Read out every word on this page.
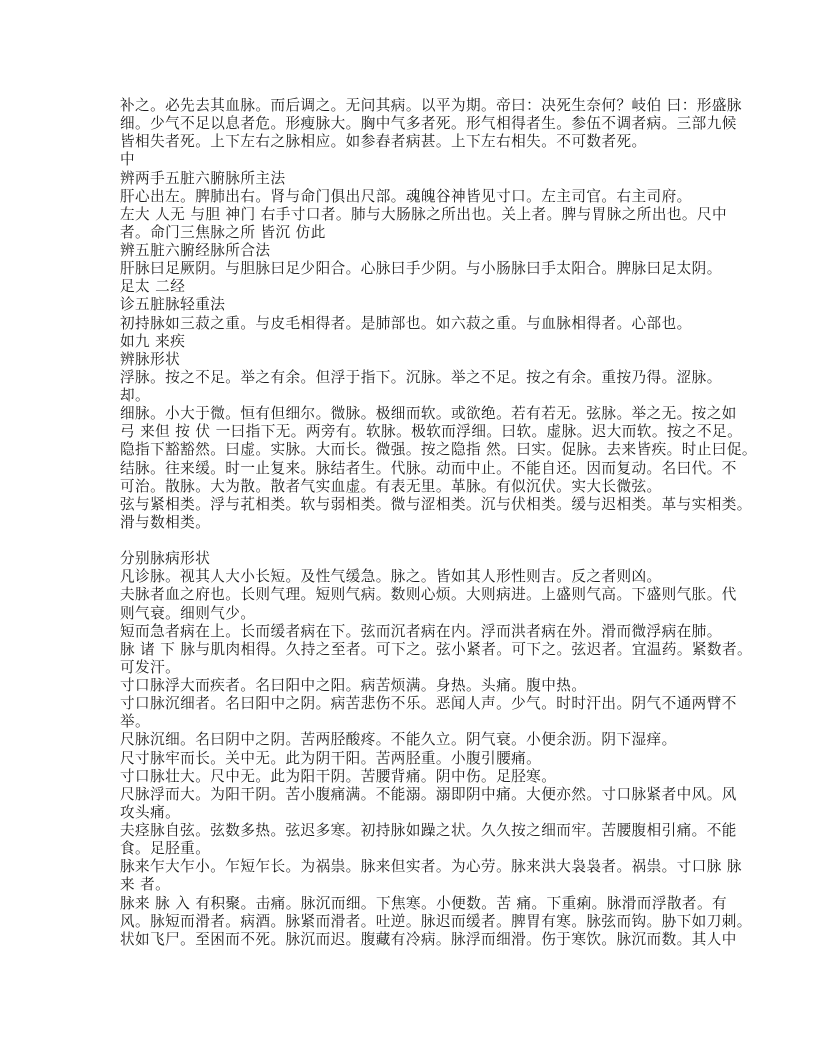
补之。必先去其血脉。而后调之。无问其病。以平为期。帝曰：决死生奈何？岐伯 曰：形盛脉
细。少气不足以息者危。形瘦脉大。胸中气多者死。形气相得者生。参伍不调者病。三部九候
皆相失者死。上下左右之脉相应。如参舂者病甚。上下左右相失。不可数者死。
中
辨两手五脏六腑脉所主法
肝心出左。脾肺出右。肾与命门俱出尺部。魂魄谷神皆见寸口。左主司官。右主司府。
左大 人无 与胆 神门 右手寸口者。肺与大肠脉之所出也。关上者。脾与胃脉之所出也。尺中
者。命门三焦脉之所 皆沉 仿此
辨五脏六腑经脉所合法
肝脉曰足厥阴。与胆脉曰足少阳合。心脉曰手少阴。与小肠脉曰手太阳合。脾脉曰足太阴。
足太 二经
诊五脏脉轻重法
初持脉如三菽之重。与皮毛相得者。是肺部也。如六菽之重。与血脉相得者。心部也。
如九 来疾
辨脉形状
浮脉。按之不足。举之有余。但浮于指下。沉脉。举之不足。按之有余。重按乃得。涩脉。
却。
细脉。小大于微。恒有但细尔。微脉。极细而软。或欲绝。若有若无。弦脉。举之无。按之如
弓 来但 按 伏 一曰指下无。两旁有。软脉。极软而浮细。曰软。虚脉。迟大而软。按之不足。
隐指下豁豁然。曰虚。实脉。大而长。微强。按之隐指 然。曰实。促脉。去来皆疾。时止曰促。
结脉。往来缓。时一止复来。脉结者生。代脉。动而中止。不能自还。因而复动。名曰代。不
可治。散脉。大为散。散者气实血虚。有表无里。革脉。有似沉伏。实大长微弦。
弦与紧相类。浮与芤相类。软与弱相类。微与涩相类。沉与伏相类。缓与迟相类。革与实相类。
滑与数相类。
分别脉病形状
凡诊脉。视其人大小长短。及性气缓急。脉之。皆如其人形性则吉。反之者则凶。
夫脉者血之府也。长则气理。短则气病。数则心烦。大则病进。上盛则气高。下盛则气胀。代
则气衰。细则气少。
短而急者病在上。长而缓者病在下。弦而沉者病在内。浮而洪者病在外。滑而微浮病在肺。
脉 诸 下 脉与肌肉相得。久持之至者。可下之。弦小紧者。可下之。弦迟者。宜温药。紧数者。
可发汗。
寸口脉浮大而疾者。名曰阳中之阳。病苦烦满。身热。头痛。腹中热。
寸口脉沉细者。名曰阳中之阴。病苦悲伤不乐。恶闻人声。少气。时时汗出。阴气不通两臂不
举。
尺脉沉细。名曰阴中之阴。苦两胫酸疼。不能久立。阴气衰。小便余沥。阴下湿痒。
尺寸脉牢而长。关中无。此为阴干阳。苦两胫重。小腹引腰痛。
寸口脉壮大。尺中无。此为阳干阴。苦腰背痛。阴中伤。足胫寒。
尺脉浮而大。为阳干阴。苦小腹痛满。不能溺。溺即阴中痛。大便亦然。寸口脉紧者中风。风
攻头痛。
夫痉脉自弦。弦数多热。弦迟多寒。初持脉如躁之状。久久按之细而牢。苦腰腹相引痛。不能
食。足胫重。
脉来乍大乍小。乍短乍长。为祸祟。脉来但实者。为心劳。脉来洪大袅袅者。祸祟。寸口脉 脉
来 者。
脉来 脉 入 有积聚。击痛。脉沉而细。下焦寒。小便数。苦 痛。下重痢。脉滑而浮散者。有
风。脉短而滑者。病酒。脉紧而滑者。吐逆。脉迟而缓者。脾胃有寒。脉弦而钩。胁下如刀刺。
状如飞尸。至困而不死。脉沉而迟。腹藏有冷病。脉浮而细滑。伤于寒饮。脉沉而数。其人中
